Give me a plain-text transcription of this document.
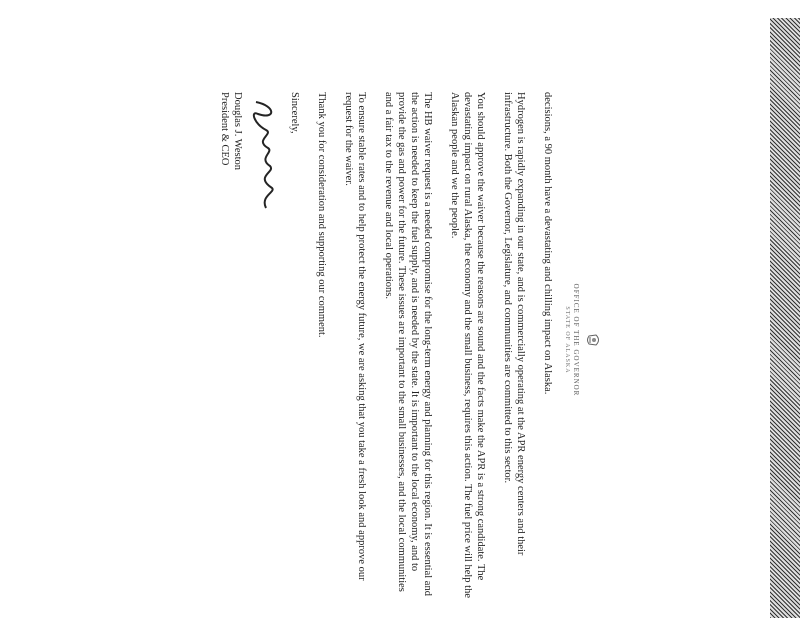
OFFICE OF THE GOVERNOR
STATE OF ALASKA

decisions, a 90 month have a devastating and chilling impact on Alaska.

Hydrogen is rapidly expanding in our state, and is commercially operating at the APR energy centers and their infrastructure. Both the Governor, Legislature, and communities are committed to this sector.

You should approve the waiver because the reasons are sound and the facts make the APR is a strong candidate. The devastating impact on rural Alaska, the economy and the small business, requires this action. The fuel price will help the Alaskan people and we the people.

The HB waiver request is a needed compromise for the long-term energy and planning for this region. It is essential and the action is needed to keep the fuel supply, and is needed by the state. It is important to the local economy, and to provide the gas and power for the future. These issues are important to the small businesses, and the local communities and a fair tax to the revenue and local operations.

To ensure stable rates and to help protect the energy future, we are asking that you take a fresh look and approve our request for the waiver.

Thank you for consideration and supporting our comment.

Sincerely,

Douglas J. Weston

President & CEO
